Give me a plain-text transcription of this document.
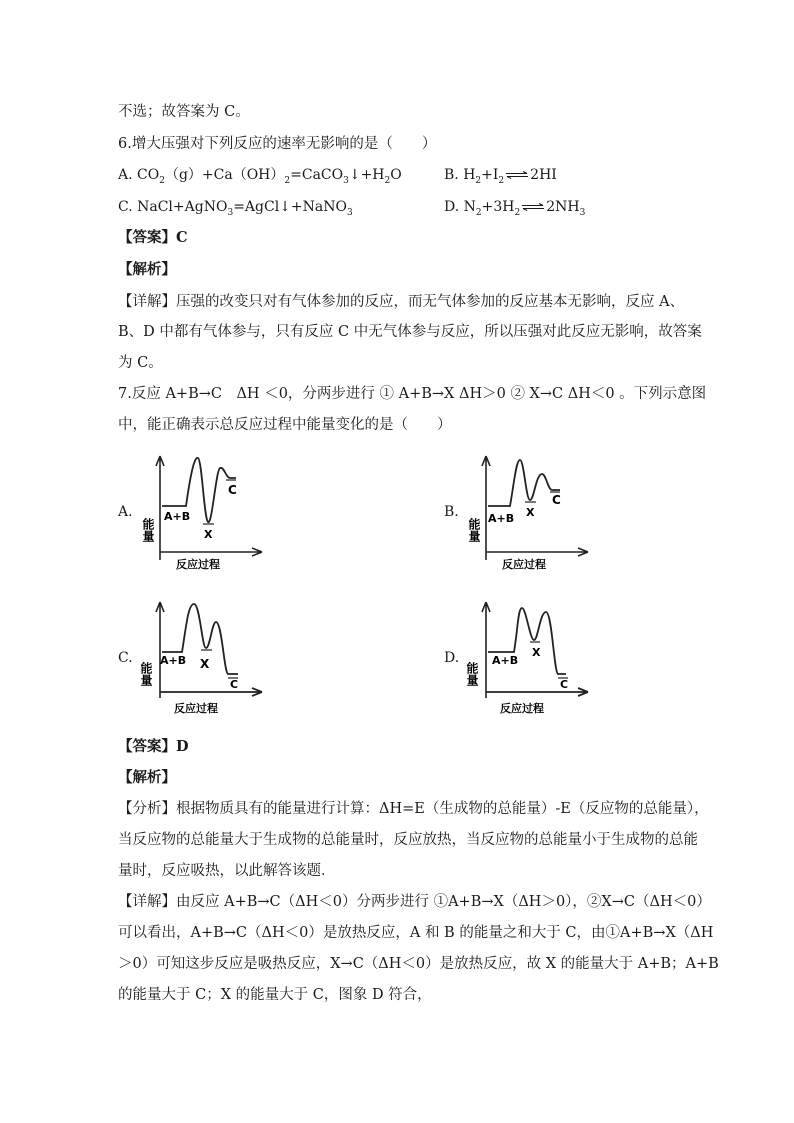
不选；故答案为 C。
6.增大压强对下列反应的速率无影响的是（　　）
A. $CO_2(g)+Ca(OH)_2=CaCO_3↓+H_2O$	B. $H_2+I_2$ ⇌2HI
C. NaCl+AgNO$_3$=AgCl↓+NaNO$_3$	D. $N_2+3H_2$ $\rightleftharpoons 2NH_3$
【答案】C
【解析】
【详解】压强的改变只对有气体参加的反应，而无气体参加的反应基本无影响，反应 A、
B、D 中都有气体参与，只有反应 C 中无气体参与反应，所以压强对此反应无影响，故答案
为 C。
7.反应 A+B→C　ΔH ＜0，分两步进行 ① A+B→X ΔH＞0 ② X→C ΔH＜0 。下列示意图
中，能正确表示总反应过程中能量变化的是（　　）
A.
能量
A+B
X
C
反应过程
B.
能量 A+B X
C
反应过程
C.
能量
A+B X
C
反应过程
D.
能量
A+B
X
C
反应过程
【答案】D
【解析】
【分析】根据物质具有的能量进行计算：ΔH=E（生成物的总能量）-E（反应物的总能量），
当反应物的总能量大于生成物的总能量时，反应放热，当反应物的总能量小于生成物的总能
量时，反应吸热，以此解答该题．
【详解】由反应 A+B→C（ΔH＜0）分两步进行 ①A+B→X（ΔH＞0），②X→C（ΔH＜0）
可以看出，A+B→C（ΔH＜0）是放热反应，A 和 B 的能量之和大于 C，由①A+B→X（ΔH
＞0）可知这步反应是吸热反应，X→C（ΔH＜0）是放热反应，故 X 的能量大于 A+B；A+B
的能量大于 C；X 的能量大于 C，图象 D 符合，
